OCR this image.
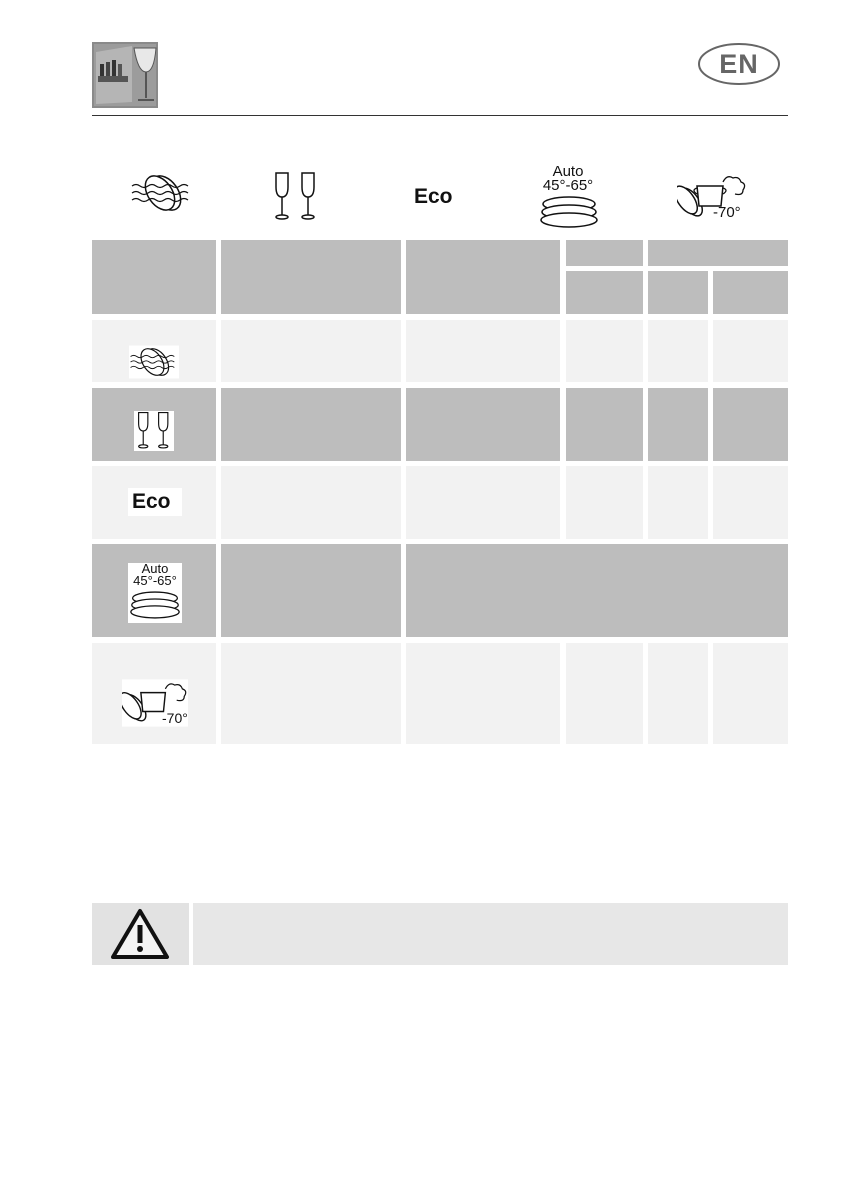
EN
Eco
Auto
45°-65°
-70°
Eco
Auto
45°-65°
-70°
